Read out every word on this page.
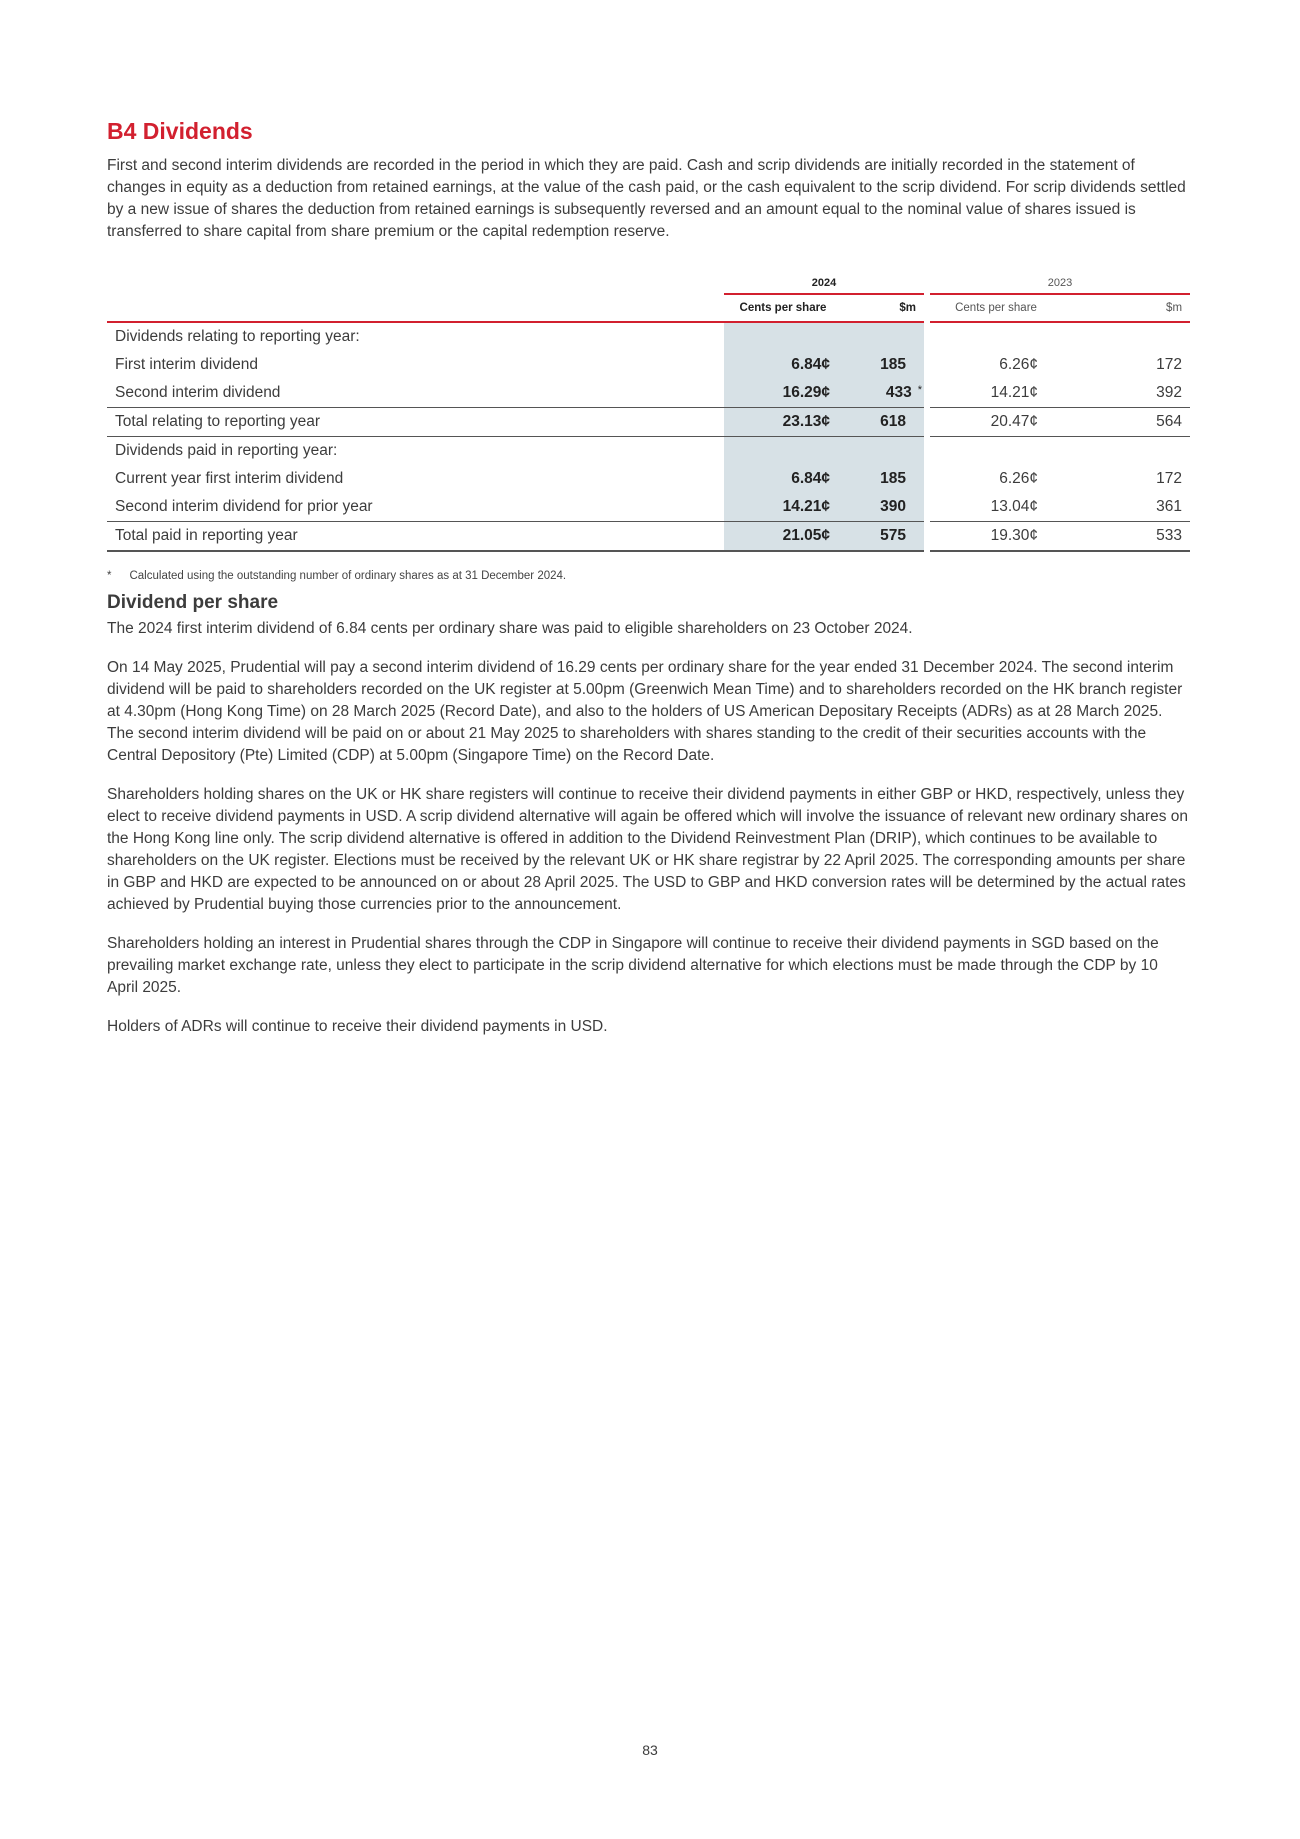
B4 Dividends

First and second interim dividends are recorded in the period in which they are paid. Cash and scrip dividends are initially recorded in the statement of changes in equity as a deduction from retained earnings, at the value of the cash paid, or the cash equivalent to the scrip dividend. For scrip dividends settled by a new issue of shares the deduction from retained earnings is subsequently reversed and an amount equal to the nominal value of shares issued is transferred to share capital from share premium or the capital redemption reserve.

	2024			2023	
	Cents per share	$m		Cents per share	$m
Dividends relating to reporting year:					
First interim dividend	6.84¢	185		6.26¢	172
Second interim dividend	16.29¢	433 *		14.21¢	392
Total relating to reporting year	23.13¢	618		20.47¢	564
Dividends paid in reporting year:					
Current year first interim dividend	6.84¢	185		6.26¢	172
Second interim dividend for prior year	14.21¢	390		13.04¢	361
Total paid in reporting year	21.05¢	575		19.30¢	533
* Calculated using the outstanding number of ordinary shares as at 31 December 2024.
Dividend per share

The 2024 first interim dividend of 6.84 cents per ordinary share was paid to eligible shareholders on 23 October 2024.

On 14 May 2025, Prudential will pay a second interim dividend of 16.29 cents per ordinary share for the year ended 31 December 2024. The second interim dividend will be paid to shareholders recorded on the UK register at 5.00pm (Greenwich Mean Time) and to shareholders recorded on the HK branch register at 4.30pm (Hong Kong Time) on 28 March 2025 (Record Date), and also to the holders of US American Depositary Receipts (ADRs) as at 28 March 2025. The second interim dividend will be paid on or about 21 May 2025 to shareholders with shares standing to the credit of their securities accounts with the Central Depository (Pte) Limited (CDP) at 5.00pm (Singapore Time) on the Record Date.

Shareholders holding shares on the UK or HK share registers will continue to receive their dividend payments in either GBP or HKD, respectively, unless they elect to receive dividend payments in USD. A scrip dividend alternative will again be offered which will involve the issuance of relevant new ordinary shares on the Hong Kong line only. The scrip dividend alternative is offered in addition to the Dividend Reinvestment Plan (DRIP), which continues to be available to shareholders on the UK register. Elections must be received by the relevant UK or HK share registrar by 22 April 2025. The corresponding amounts per share in GBP and HKD are expected to be announced on or about 28 April 2025. The USD to GBP and HKD conversion rates will be determined by the actual rates achieved by Prudential buying those currencies prior to the announcement.

Shareholders holding an interest in Prudential shares through the CDP in Singapore will continue to receive their dividend payments in SGD based on the prevailing market exchange rate, unless they elect to participate in the scrip dividend alternative for which elections must be made through the CDP by 10 April 2025.

Holders of ADRs will continue to receive their dividend payments in USD.

83
